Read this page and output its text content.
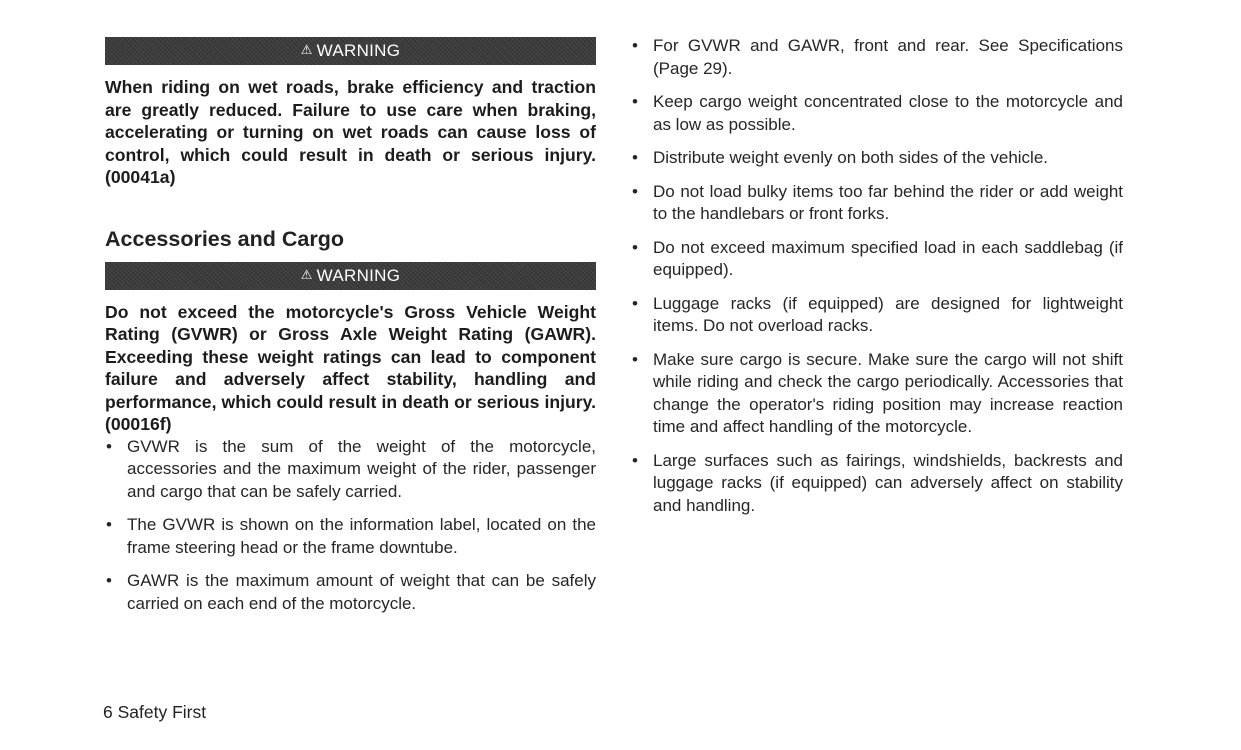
⚠ WARNING

When riding on wet roads, brake efficiency and traction are greatly reduced. Failure to use care when braking, accelerating or turning on wet roads can cause loss of control, which could result in death or serious injury. (00041a)

Accessories and Cargo
⚠ WARNING

Do not exceed the motorcycle's Gross Vehicle Weight Rating (GVWR) or Gross Axle Weight Rating (GAWR). Exceeding these weight ratings can lead to component failure and adversely affect stability, handling and performance, which could result in death or serious injury. (00016f)

• GVWR is the sum of the weight of the motorcycle, accessories and the maximum weight of the rider, passenger and cargo that can be safely carried.
• The GVWR is shown on the information label, located on the frame steering head or the frame downtube.
• GAWR is the maximum amount of weight that can be safely carried on each end of the motorcycle.
• For GVWR and GAWR, front and rear. See Specifications (Page 29).
• Keep cargo weight concentrated close to the motorcycle and as low as possible.
• Distribute weight evenly on both sides of the vehicle.
• Do not load bulky items too far behind the rider or add weight to the handlebars or front forks.
• Do not exceed maximum specified load in each saddlebag (if equipped).
• Luggage racks (if equipped) are designed for lightweight items. Do not overload racks.
• Make sure cargo is secure. Make sure the cargo will not shift while riding and check the cargo periodically. Accessories that change the operator's riding position may increase reaction time and affect handling of the motorcycle.
• Large surfaces such as fairings, windshields, backrests and luggage racks (if equipped) can adversely affect on stability and handling.
6 Safety First
